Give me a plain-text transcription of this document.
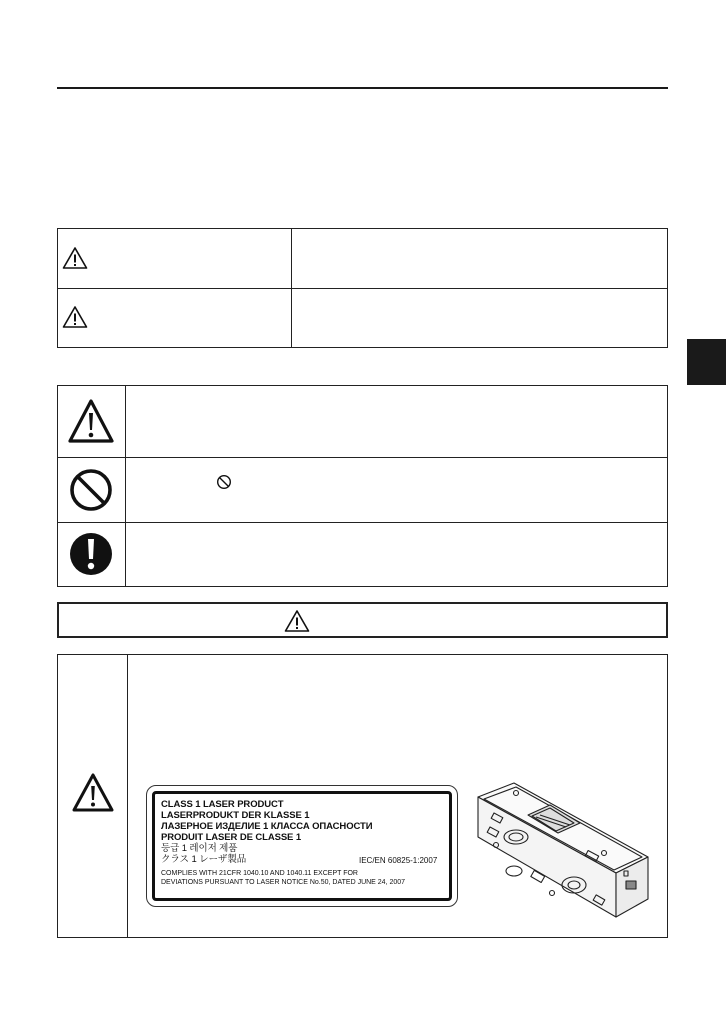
CLASS 1 LASER PRODUCT
LASERPRODUKT DER KLASSE 1
ЛАЗЕРНОЕ ИЗДЕЛИЕ 1 КЛАССА ОПАСНОСТИ
PRODUIT LASER DE CLASSE 1
등급 1 레이저 제품
クラス 1 レーザ製品	IEC/EN 60825-1:2007
COMPLIES WITH 21CFR 1040.10 AND 1040.11 EXCEPT FOR
DEVIATIONS PURSUANT TO LASER NOTICE No.50, DATED JUNE 24, 2007
